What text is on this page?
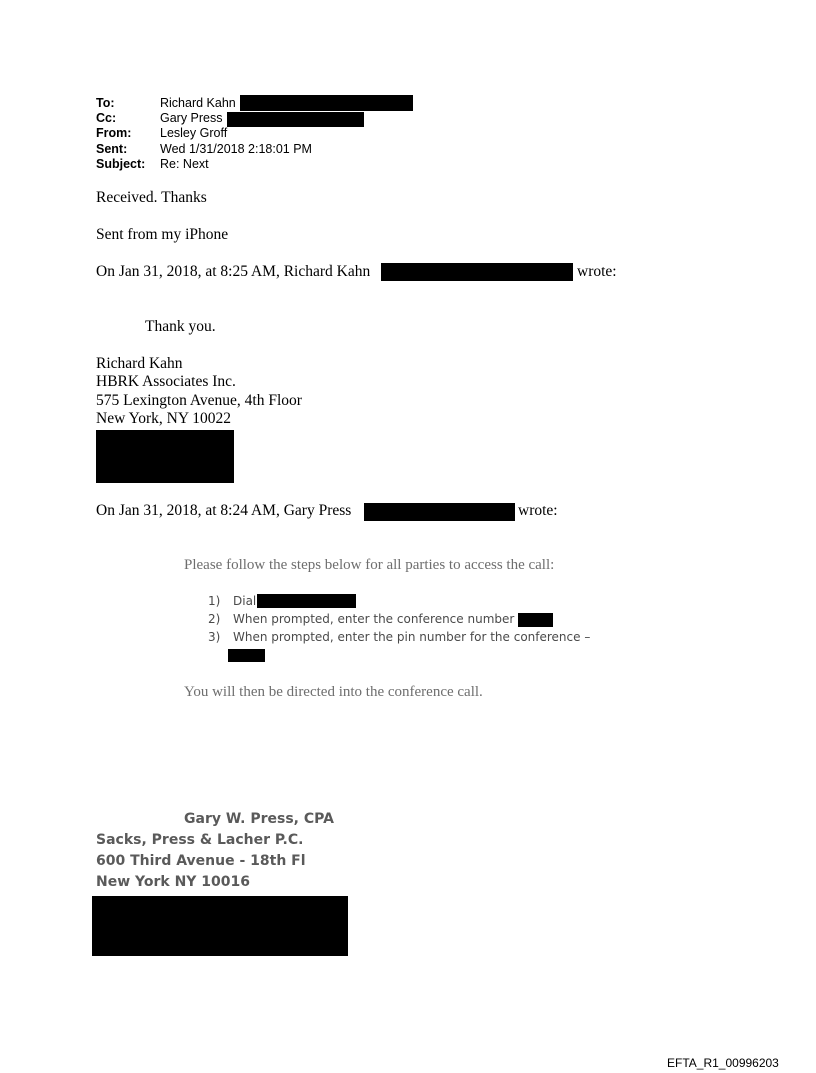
To:	Richard Kahn
Cc:	Gary Press
From: Lesley Groff
Sent:	Wed 1/31/2018 2:18:01 PM
Subject: Re: Next
Received. Thanks
Sent from my iPhone
On Jan 31, 2018, at 8:25 AM, Richard Kahn	wrote:
Thank you.
Richard Kahn
HBRK Associates Inc.
575 Lexington Avenue, 4th Floor
New York, NY 10022
On Jan 31, 2018, at 8:24 AM, Gary Press	wrote:
Please follow the steps below for all parties to access the call:
1) Dial
2) When prompted, enter the conference number
3) When prompted, enter the pin number for the conference –
You will then be directed into the conference call.
Gary W. Press, CPA
Sacks, Press & Lacher P.C.
600 Third Avenue - 18th Fl
New York NY 10016
EFTA_R1_00996203
